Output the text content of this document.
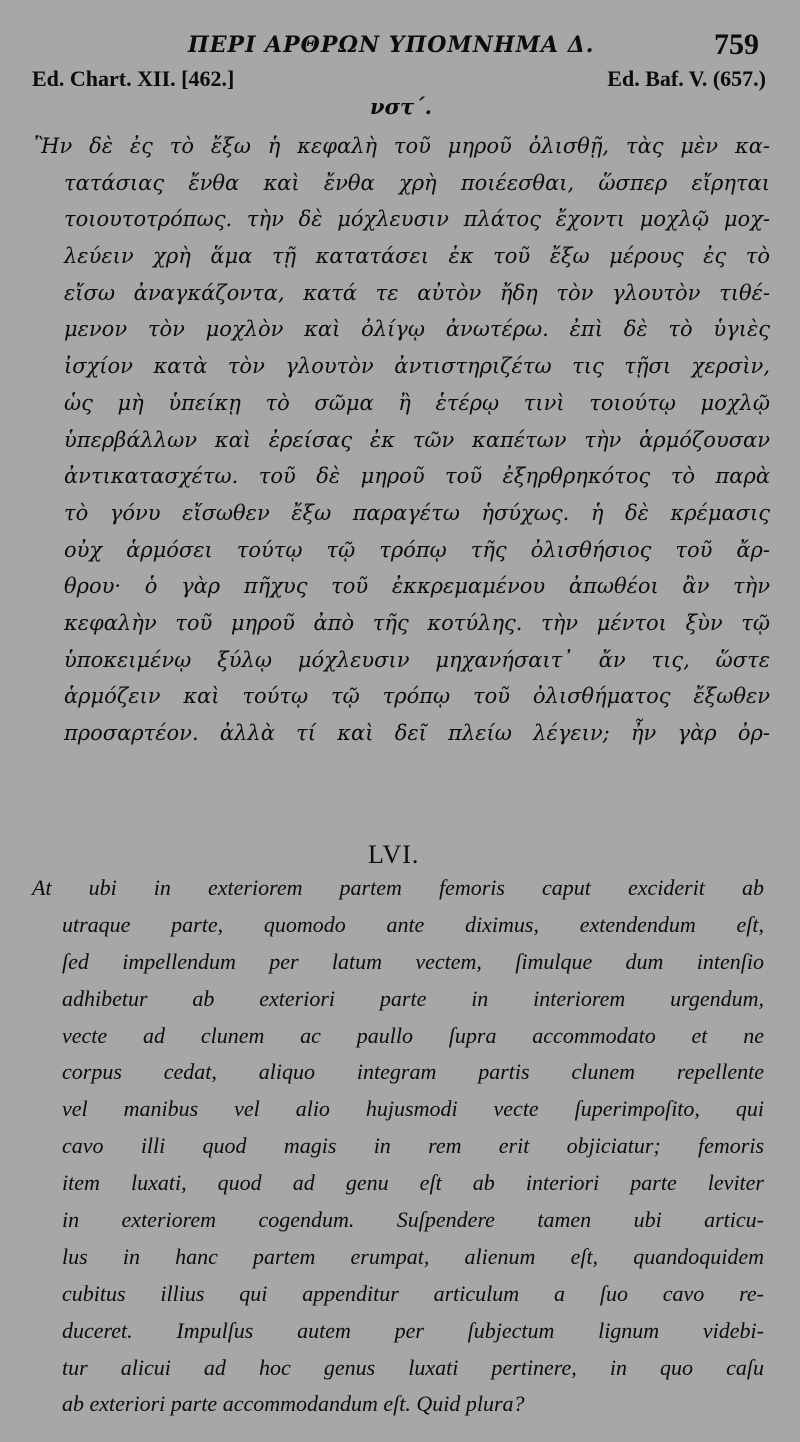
ΠΕΡΙ ΑΡΘΡΩΝ ΥΠΟΜΝΗΜΑ Δ.	759
Ed. Chart. XII. [462.]	Ed. Baf. V. (657.)
νστ΄.
Ἢν δὲ ἐς τὸ ἔξω ἡ κεφαλὴ τοῦ μηροῦ ὀλισθῇ, τὰς μὲν κα-
τατάσιας ἔνθα καὶ ἔνθα χρὴ ποιέεσθαι, ὥσπερ εἴρηται
τοιουτοτρόπως. τὴν δὲ μόχλευσιν πλάτος ἔχοντι μοχλῷ μοχ-
λεύειν χρὴ ἅμα τῇ κατατάσει ἐκ τοῦ ἔξω μέρους ἐς τὸ
εἴσω ἀναγκάζοντα, κατά τε αὐτὸν ἤδη τὸν γλουτὸν τιθέ-
μενον τὸν μοχλὸν καὶ ὀλίγῳ ἀνωτέρω. ἐπὶ δὲ τὸ ὑγιὲς
ἰσχίον κατὰ τὸν γλουτὸν ἀντιστηριζέτω τις τῇσι χερσὶν,
ὡς μὴ ὑπείκῃ τὸ σῶμα ἢ ἑτέρῳ τινὶ τοιούτῳ μοχλῷ
ὑπερβάλλων καὶ ἐρείσας ἐκ τῶν καπέτων τὴν ἁρμόζουσαν
ἀντικατασχέτω. τοῦ δὲ μηροῦ τοῦ ἐξηρθρηκότος τὸ παρὰ
τὸ γόνυ εἴσωθεν ἔξω παραγέτω ἡσύχως. ἡ δὲ κρέμασις
οὐχ ἁρμόσει τούτῳ τῷ τρόπῳ τῆς ὀλισθήσιος τοῦ ἄρ-
θρου· ὁ γὰρ πῆχυς τοῦ ἐκκρεμαμένου ἀπωθέοι ἂν τὴν
κεφαλὴν τοῦ μηροῦ ἀπὸ τῆς κοτύλης. τὴν μέντοι ξὺν τῷ
ὑποκειμένῳ ξύλῳ μόχλευσιν μηχανήσαιτ᾽ ἄν τις, ὥστε
ἁρμόζειν καὶ τούτῳ τῷ τρόπῳ τοῦ ὀλισθήματος ἔξωθεν
προσαρτέον. ἀλλὰ τί καὶ δεῖ πλείω λέγειν; ἦν γὰρ ὀρ-
LVI.
At ubi in exteriorem partem femoris caput exciderit ab
utraque parte, quomodo ante diximus, extendendum eſt,
ſed impellendum per latum vectem, ſimulque dum intenſio
adhibetur ab exteriori parte in interiorem urgendum,
vecte ad clunem ac paullo ſupra accommodato et ne
corpus cedat, aliquo integram partis clunem repellente
vel manibus vel alio hujusmodi vecte ſuperimpoſito, qui
cavo illi quod magis in rem erit objiciatur; femoris
item luxati, quod ad genu eſt ab interiori parte leviter
in exteriorem cogendum. Suſpendere tamen ubi articu-
lus in hanc partem erumpat, alienum eſt, quandoquidem
cubitus illius qui appenditur articulum a ſuo cavo re-
duceret. Impulſus autem per ſubjectum lignum videbi-
tur alicui ad hoc genus luxati pertinere, in quo caſu
ab exteriori parte accommodandum eſt. Quid plura?
